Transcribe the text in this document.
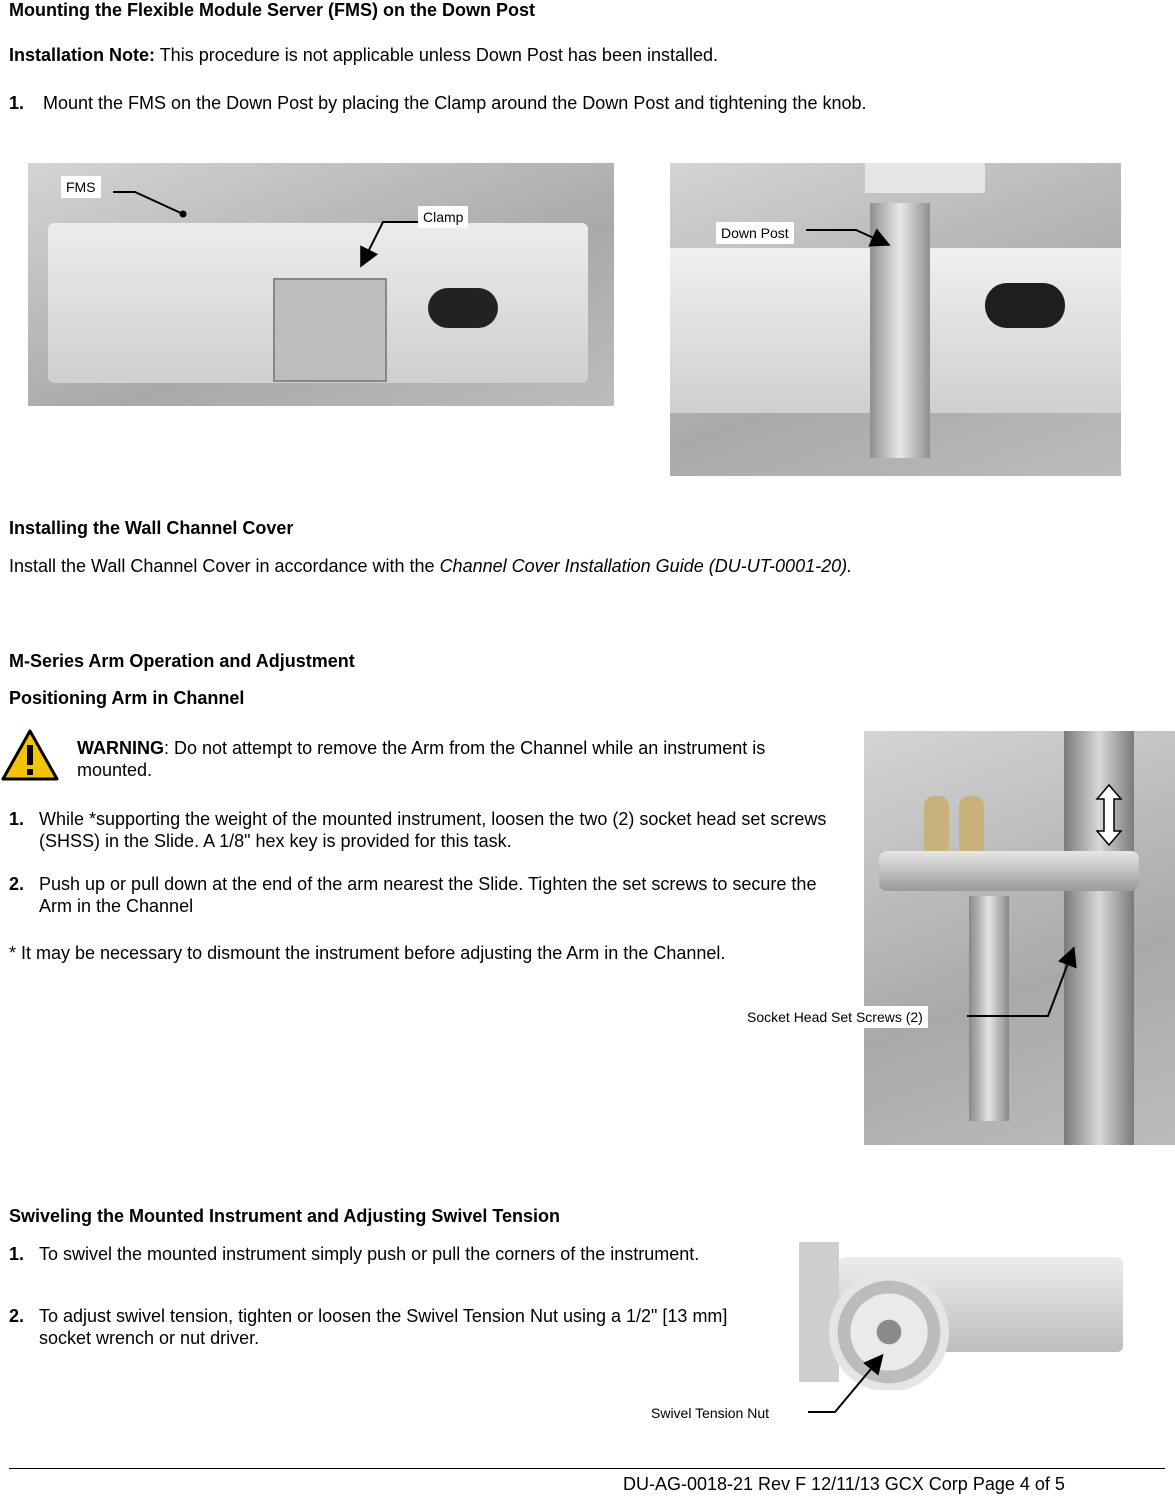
Mounting the Flexible Module Server (FMS) on the Down Post
Installation Note: This procedure is not applicable unless Down Post has been installed.
1. Mount the FMS on the Down Post by placing the Clamp around the Down Post and tightening the knob.
FMS
Clamp
Down Post
Installing the Wall Channel Cover
Install the Wall Channel Cover in accordance with the Channel Cover Installation Guide (DU-UT-0001-20).
M-Series Arm Operation and Adjustment
Positioning Arm in Channel
WARNING: Do not attempt to remove the Arm from the Channel while an instrument is mounted.
1. While *supporting the weight of the mounted instrument, loosen the two (2) socket head set screws (SHSS) in the Slide. A 1/8" hex key is provided for this task.
2. Push up or pull down at the end of the arm nearest the Slide. Tighten the set screws to secure the Arm in the Channel
* It may be necessary to dismount the instrument before adjusting the Arm in the Channel.
Socket Head Set Screws (2)
Swiveling the Mounted Instrument and Adjusting Swivel Tension
1. To swivel the mounted instrument simply push or pull the corners of the instrument.
2. To adjust swivel tension, tighten or loosen the Swivel Tension Nut using a 1/2" [13 mm] socket wrench or nut driver.
Swivel Tension Nut
DU-AG-0018-21 Rev F 12/11/13 GCX Corp Page 4 of 5
